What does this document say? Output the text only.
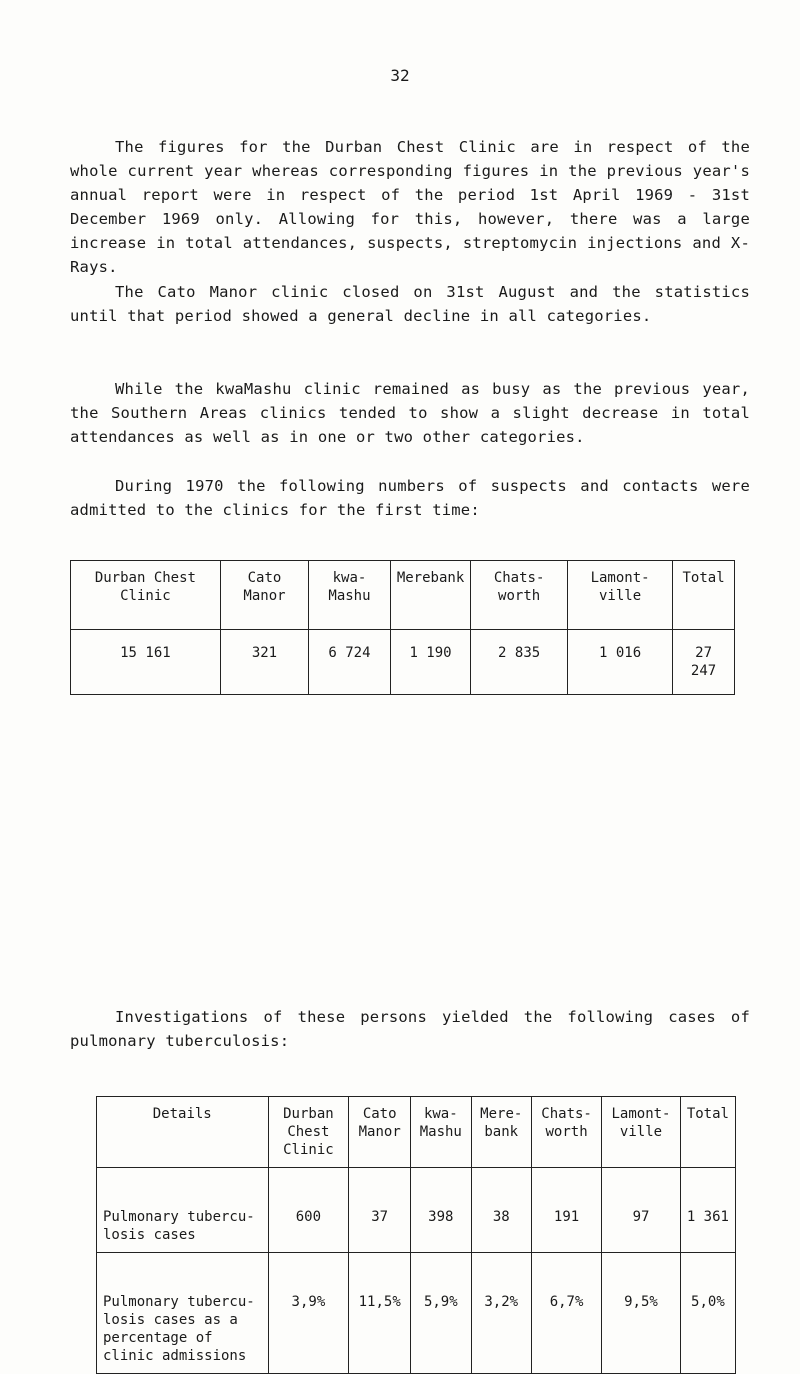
32

The figures for the Durban Chest Clinic are in respect of the whole current year whereas corresponding figures in the previous year's annual report were in respect of the period 1st April 1969 - 31st December 1969 only. Allowing for this, however, there was a large increase in total attendances, suspects, streptomycin injections and X-Rays.

The Cato Manor clinic closed on 31st August and the statistics until that period showed a general decline in all categories.

While the kwaMashu clinic remained as busy as the previous year, the Southern Areas clinics tended to show a slight decrease in total attendances as well as in one or two other categories.

During 1970 the following numbers of suspects and contacts were admitted to the clinics for the first time:

Durban Chest Clinic	Cato Manor	kwa-Mashu	Merebank	Chats-worth	Lamont-ville	Total
15 161	321	6 724	1 190	2 835	1 016	27 247

Investigations of these persons yielded the following cases of pulmonary tuberculosis:

Details	Durban Chest Clinic	Cato Manor	kwa-Mashu	Mere-bank	Chats-worth	Lamont-ville	Total
Pulmonary tubercu-losis cases	600	37	398	38	191	97	1 361
Pulmonary tubercu-losis cases as a percentage of clinic admissions	3,9%	11,5%	5,9%	3,2%	6,7%	9,5%	5,0%
